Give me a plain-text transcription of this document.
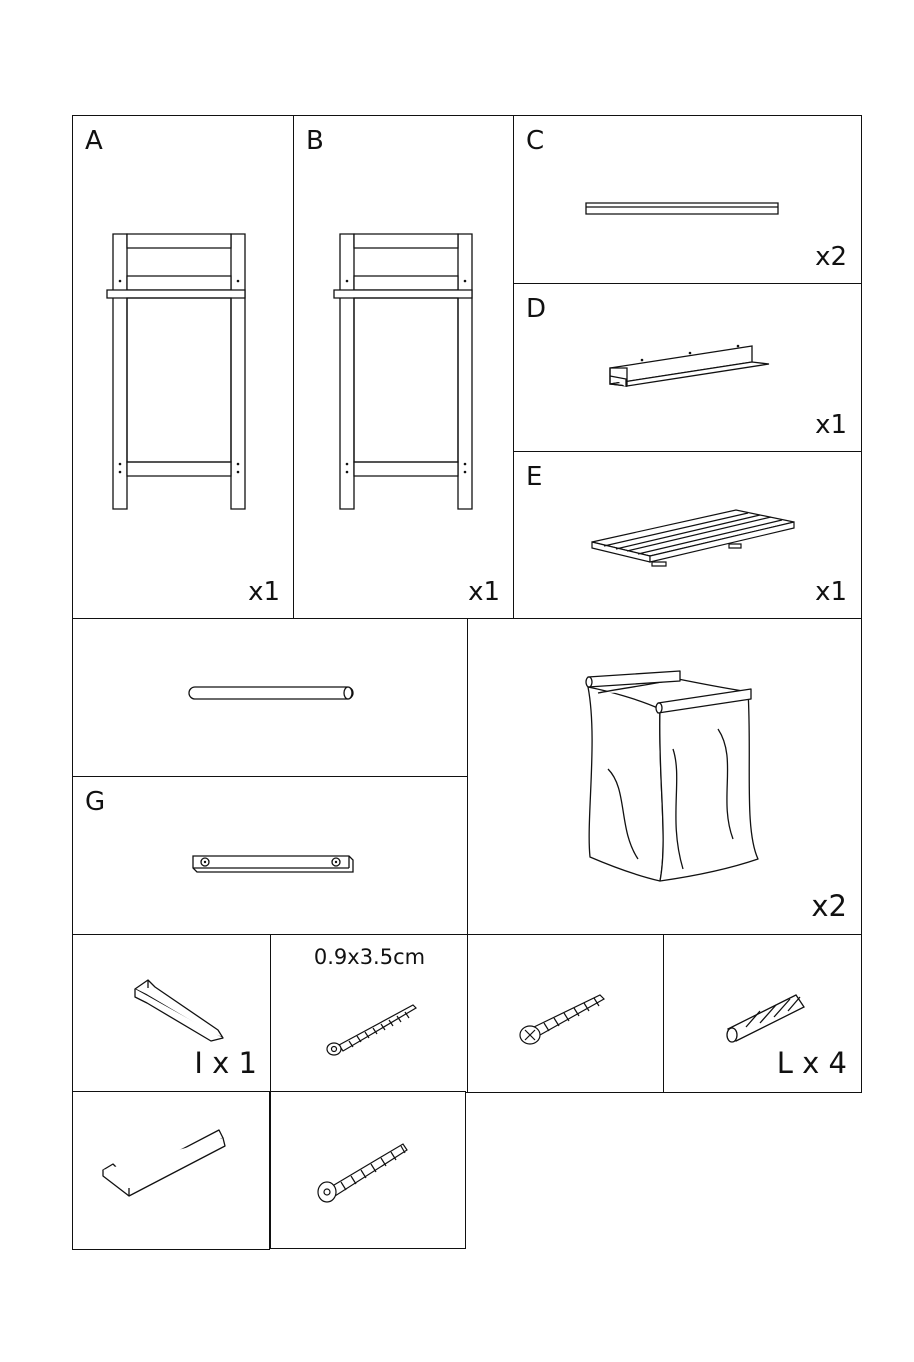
A
x1
B
x1
C
x2
D
x1
E
x1
G
x2
I x 1
0.9x3.5cm
L x 4
